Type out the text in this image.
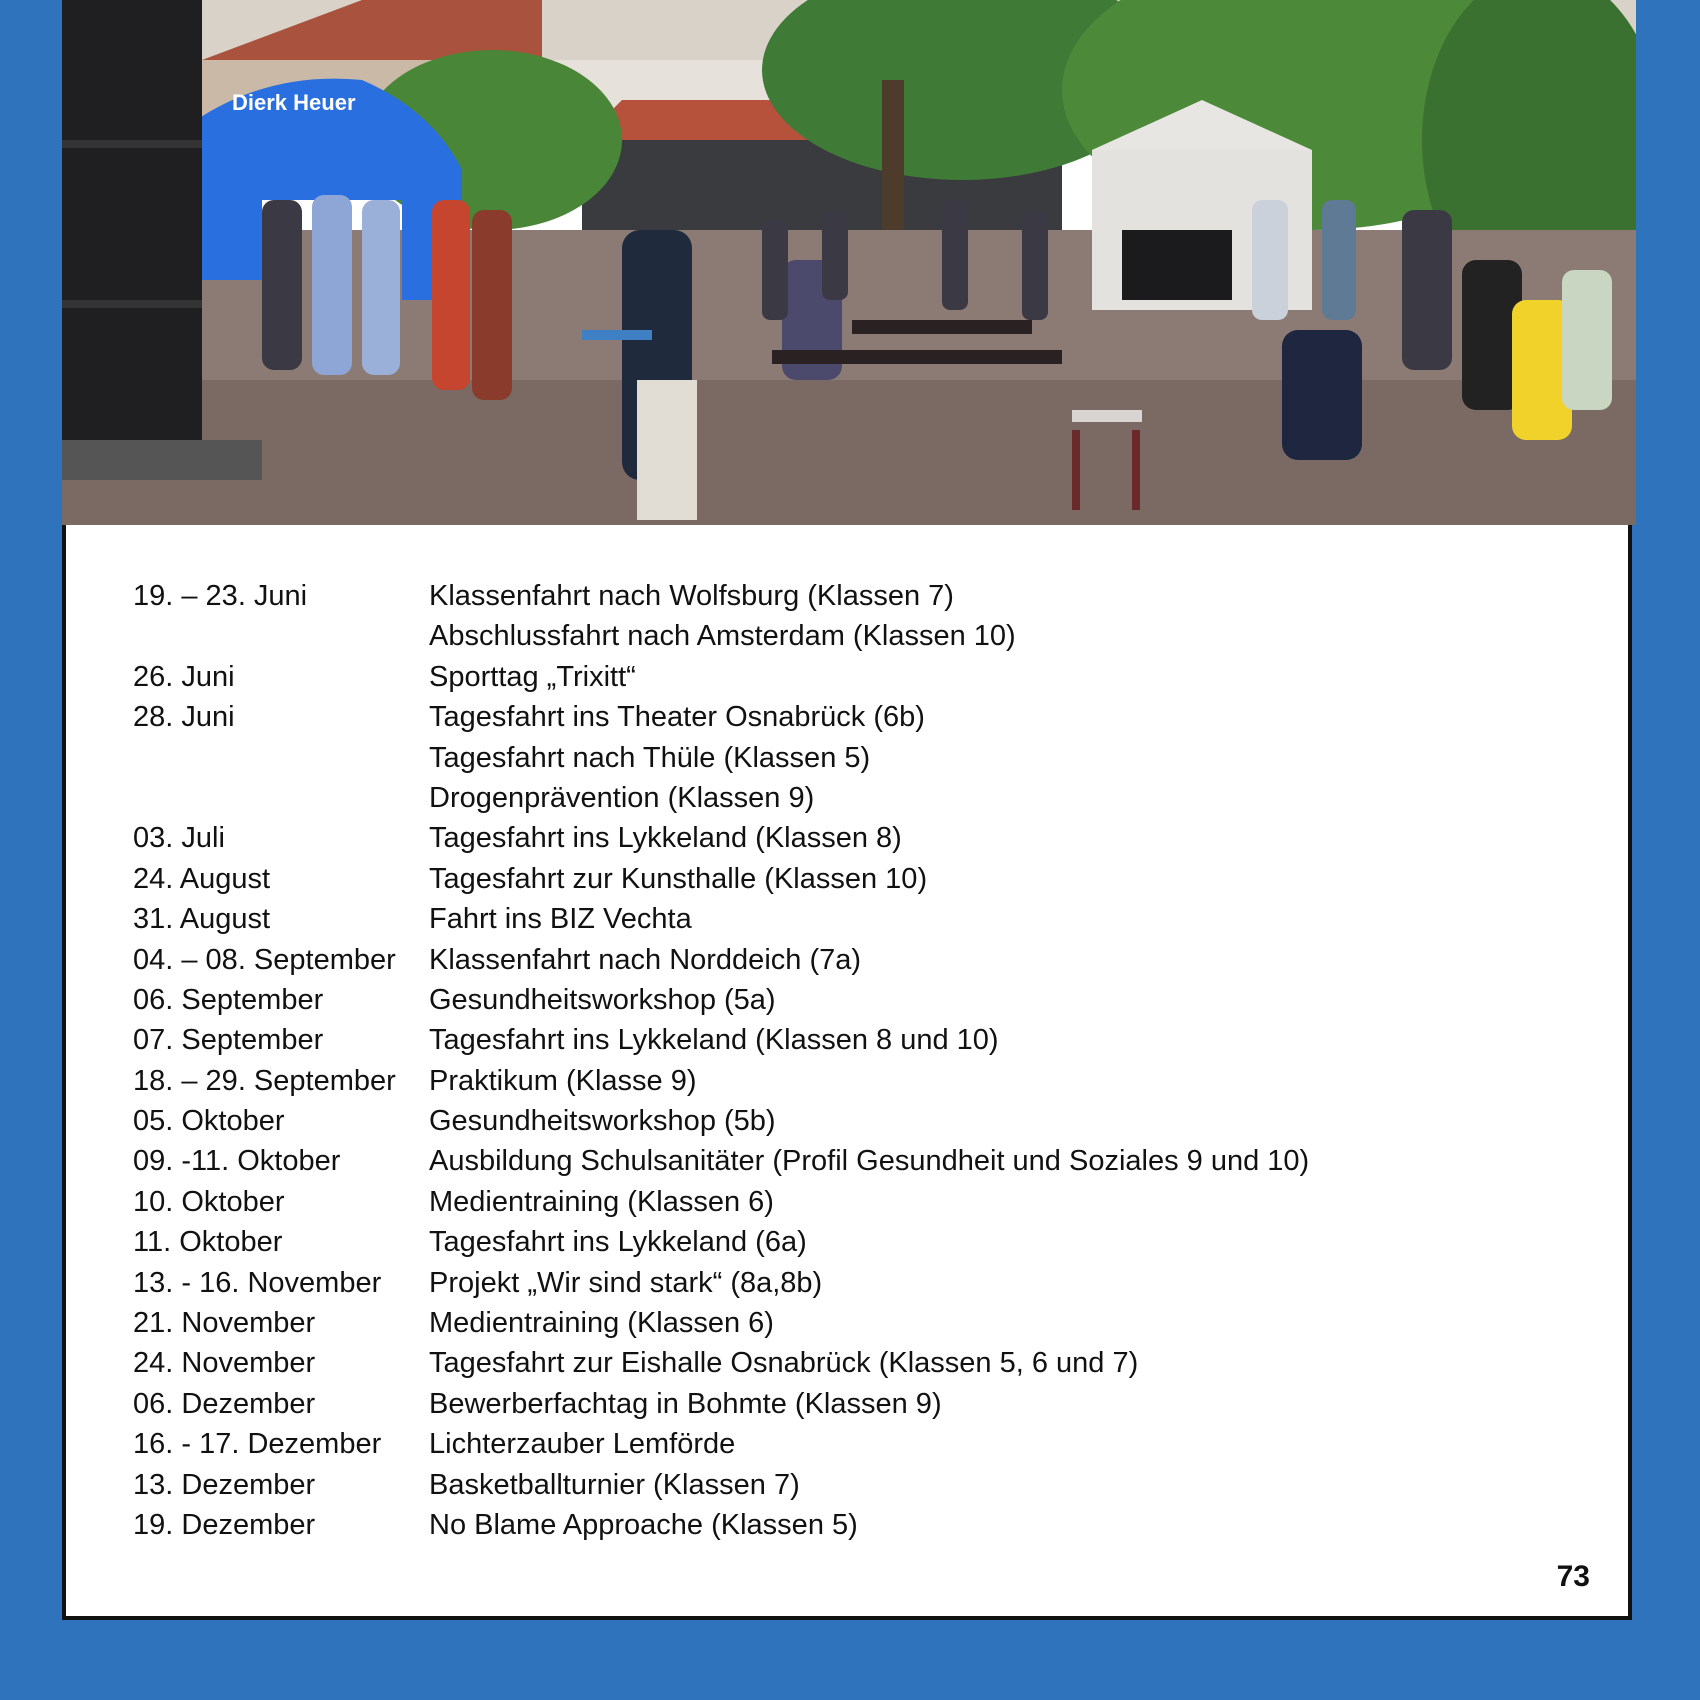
Dierk Heuer
19. – 23. Juni	Klassenfahrt nach Wolfsburg (Klassen 7)
Abschlussfahrt nach Amsterdam (Klassen 10)
26. Juni	Sporttag „Trixitt“
28. Juni	Tagesfahrt ins Theater Osnabrück (6b)
Tagesfahrt nach Thüle (Klassen 5)
Drogenprävention (Klassen 9)
03. Juli	Tagesfahrt ins Lykkeland (Klassen 8)
24. August	Tagesfahrt zur Kunsthalle (Klassen 10)
31. August	Fahrt ins BIZ Vechta
04. – 08. September	Klassenfahrt nach Norddeich (7a)
06. September	Gesundheitsworkshop (5a)
07. September	Tagesfahrt ins Lykkeland (Klassen 8 und 10)
18. – 29. September	Praktikum (Klasse 9)
05. Oktober	Gesundheitsworkshop (5b)
09. -11. Oktober	Ausbildung Schulsanitäter (Profil Gesundheit und Soziales 9 und 10)
10. Oktober	Medientraining (Klassen 6)
11. Oktober	Tagesfahrt ins Lykkeland (6a)
13. - 16. November	Projekt „Wir sind stark“ (8a,8b)
21. November	Medientraining (Klassen 6)
24. November	Tagesfahrt zur Eishalle Osnabrück (Klassen 5, 6 und 7)
06. Dezember	Bewerberfachtag in Bohmte (Klassen 9)
16. - 17. Dezember	Lichterzauber Lemförde
13. Dezember	Basketballturnier (Klassen 7)
19. Dezember	No Blame Approache (Klassen 5)
73
